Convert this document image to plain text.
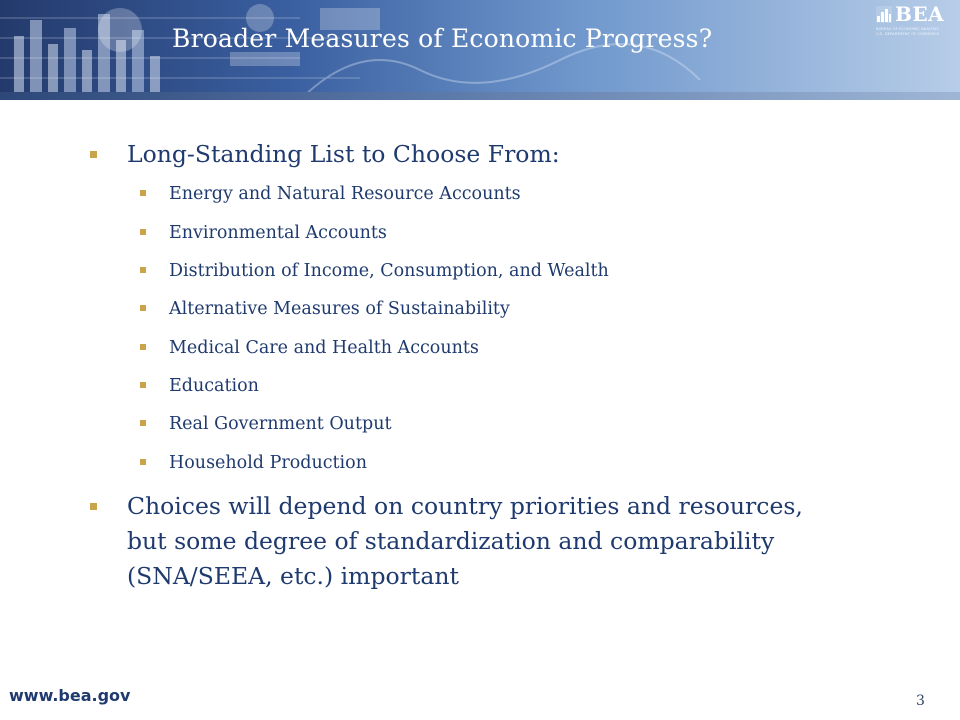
Broader Measures of Economic Progress?
BEA
BUREAU OF ECONOMIC ANALYSIS
U.S. DEPARTMENT OF COMMERCE
Long-Standing List to Choose From:
Energy and Natural Resource Accounts
Environmental Accounts
Distribution of Income, Consumption, and Wealth
Alternative Measures of Sustainability
Medical Care and Health Accounts
Education
Real Government Output
Household Production
Choices will depend on country priorities and resources, but some degree of standardization and comparability (SNA/SEEA, etc.) important
www.bea.gov	3
